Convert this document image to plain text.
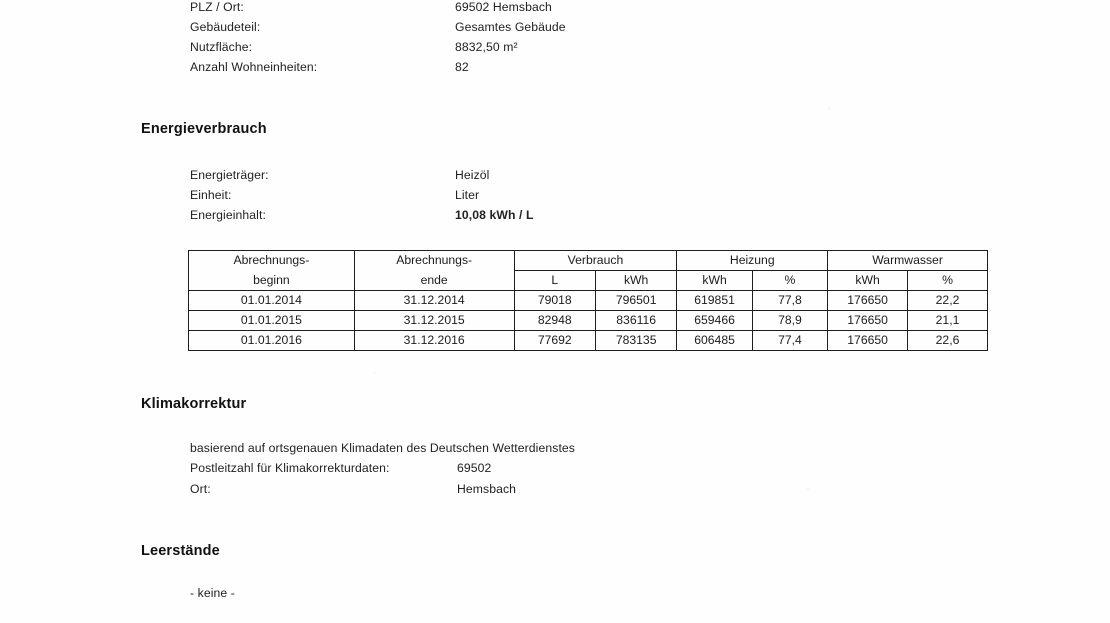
PLZ / Ort:	69502 Hemsbach
Gebäudeteil:	Gesamtes Gebäude
Nutzfläche:	8832,50 m²
Anzahl Wohneinheiten:	82
Energieverbrauch
Energieträger:	Heizöl
Einheit:	Liter
Energieinhalt:	10,08 kWh / L
Abrechnungs-	Abrechnungs-	Verbrauch		Heizung		Warmwasser	
beginn	ende	L	kWh	kWh	%	kWh	%
01.01.2014	31.12.2014	79018	796501	619851	77,8	176650	22,2
01.01.2015	31.12.2015	82948	836116	659466	78,9	176650	21,1
01.01.2016	31.12.2016	77692	783135	606485	77,4	176650	22,6
Klimakorrektur
basierend auf ortsgenauen Klimadaten des Deutschen Wetterdienstes
Postleitzahl für Klimakorrekturdaten:	69502
Ort:	Hemsbach
Leerstände
- keine -
